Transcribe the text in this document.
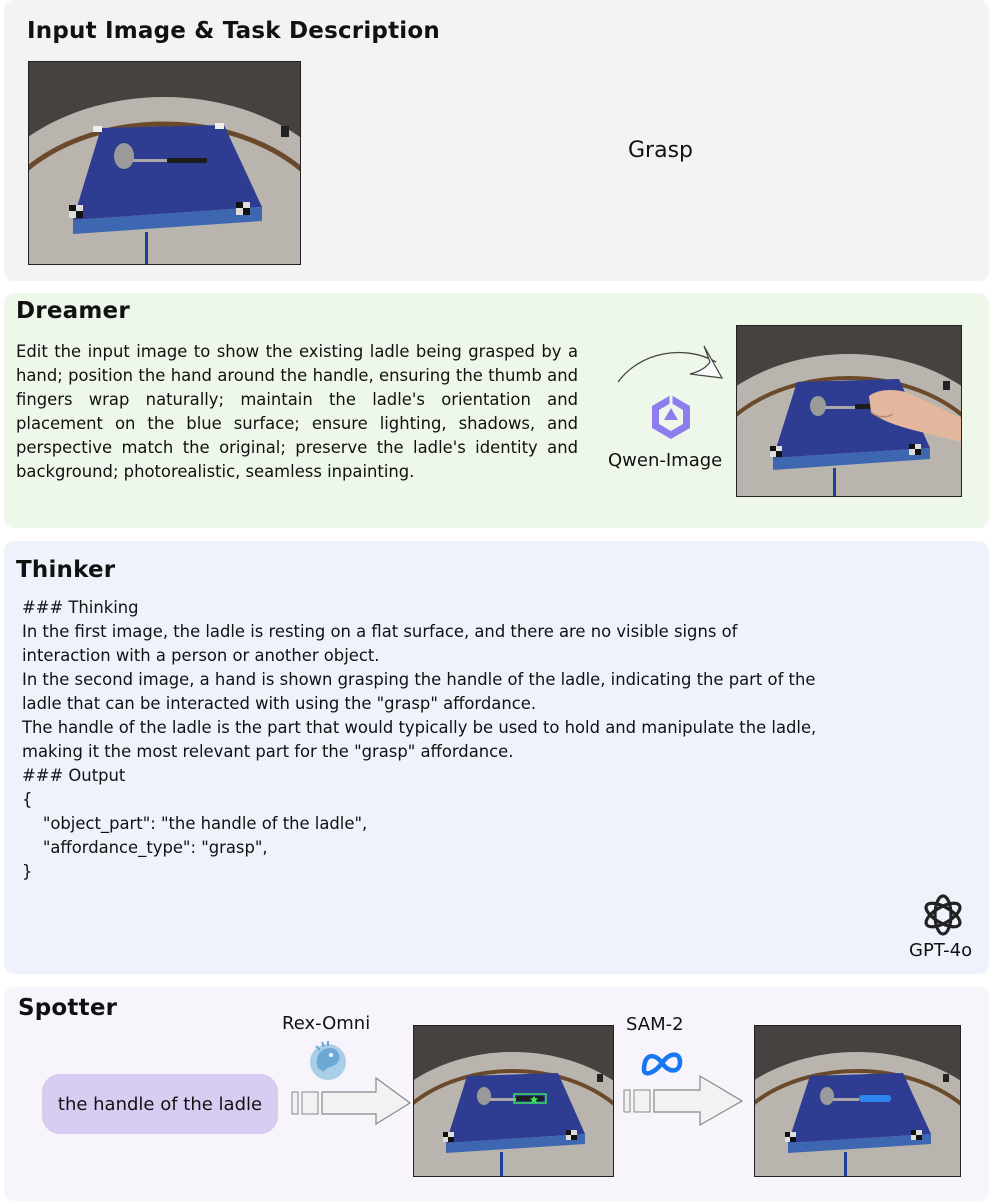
Input Image & Task Description
Grasp
Dreamer
Edit the input image to show the existing ladle being grasped by a hand; position the hand around the handle, ensuring the thumb and fingers wrap naturally; maintain the ladle's orientation and placement on the blue surface; ensure lighting, shadows, and perspective match the original; preserve the ladle's identity and background; photorealistic, seamless inpainting.
Qwen-Image
Thinker
### Thinking
In the first image, the ladle is resting on a flat surface, and there are no visible signs of
interaction with a person or another object.
In the second image, a hand is shown grasping the handle of the ladle, indicating the part of the
ladle that can be interacted with using the "grasp" affordance.
The handle of the ladle is the part that would typically be used to hold and manipulate the ladle,
making it the most relevant part for the "grasp" affordance.
### Output
{
"object_part": "the handle of the ladle",
"affordance_type": "grasp",
}
GPT-4o
Spotter
the handle of the ladle
Rex-Omni	SAM-2
